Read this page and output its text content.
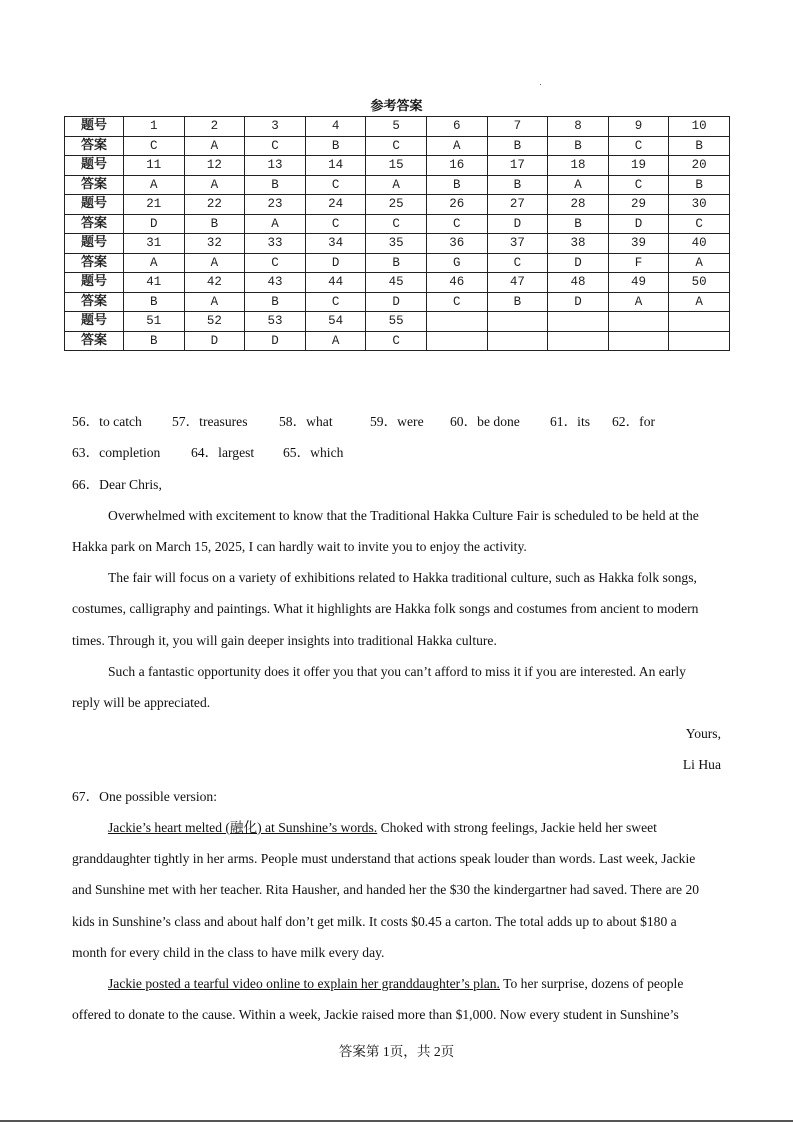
参考答案
题号	1	2	3	4	5	6	7	8	9	10
答案	C	A	C	B	C	A	B	B	C	B
题号	11	12	13	14	15	16	17	18	19	20
答案	A	A	B	C	A	B	B	A	C	B
题号	21	22	23	24	25	26	27	28	29	30
答案	D	B	A	C	C	C	D	B	D	C
题号	31	32	33	34	35	36	37	38	39	40
答案	A	A	C	D	B	G	C	D	F	A
题号	41	42	43	44	45	46	47	48	49	50
答案	B	A	B	C	D	C	B	D	A	A
题号	51	52	53	54	55					
答案	B	D	D	A	C					
56．to catch 57．treasures 58．what	59．were 60．be done 61．its 62．for
63．completion 64．largest 65．which
66．Dear Chris,
Overwhelmed with excitement to know that the Traditional Hakka Culture Fair is scheduled to be held at the
Hakka park on March 15, 2025, I can hardly wait to invite you to enjoy the activity.
The fair will focus on a variety of exhibitions related to Hakka traditional culture, such as Hakka folk songs,
costumes, calligraphy and paintings. What it highlights are Hakka folk songs and costumes from ancient to modern
times. Through it, you will gain deeper insights into traditional Hakka culture.
Such a fantastic opportunity does it offer you that you can’t afford to miss it if you are interested. An early
reply will be appreciated.
Yours,
Li Hua
67．One possible version:
Jackie’s heart melted (融化) at Sunshine’s words. Choked with strong feelings, Jackie held her sweet
granddaughter tightly in her arms. People must understand that actions speak louder than words. Last week, Jackie
and Sunshine met with her teacher. Rita Hausher, and handed her the $30 the kindergartner had saved. There are 20
kids in Sunshine’s class and about half don’t get milk. It costs $0.45 a carton. The total adds up to about $180 a
month for every child in the class to have milk every day.
Jackie posted a tearful video online to explain her granddaughter’s plan. To her surprise, dozens of people
offered to donate to the cause. Within a week, Jackie raised more than $1,000. Now every student in Sunshine’s
答案第 1页，共 2页
